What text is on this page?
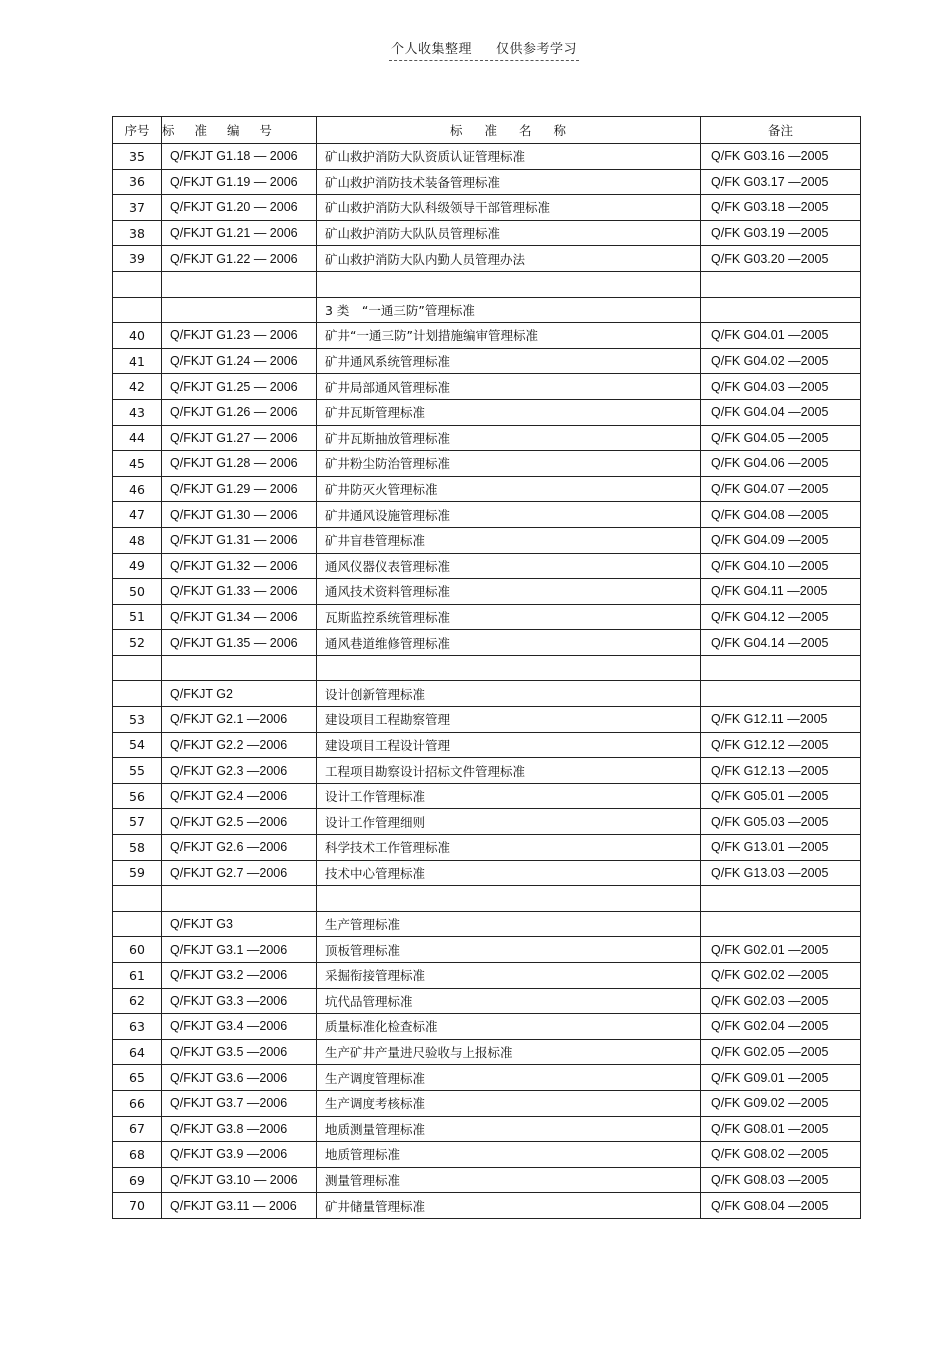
个人收集整理 仅供参考学习
序号	标 准 编 号	标 准 名 称	备注
35	Q/FKJT G1.18 — 2006	矿山救护消防大队资质认证管理标准	Q/FK G03.16 —2005
36	Q/FKJT G1.19 — 2006	矿山救护消防技术装备管理标准	Q/FK G03.17 —2005
37	Q/FKJT G1.20 — 2006	矿山救护消防大队科级领导干部管理标准	Q/FK G03.18 —2005
38	Q/FKJT G1.21 — 2006	矿山救护消防大队队员管理标准	Q/FK G03.19 —2005
39	Q/FKJT G1.22 — 2006	矿山救护消防大队内勤人员管理办法	Q/FK G03.20 —2005

		3 类　“一通三防”管理标准	
40	Q/FKJT G1.23 — 2006	矿井“一通三防”计划措施编审管理标准	Q/FK G04.01 —2005
41	Q/FKJT G1.24 — 2006	矿井通风系统管理标准	Q/FK G04.02 —2005
42	Q/FKJT G1.25 — 2006	矿井局部通风管理标准	Q/FK G04.03 —2005
43	Q/FKJT G1.26 — 2006	矿井瓦斯管理标准	Q/FK G04.04 —2005
44	Q/FKJT G1.27 — 2006	矿井瓦斯抽放管理标准	Q/FK G04.05 —2005
45	Q/FKJT G1.28 — 2006	矿井粉尘防治管理标准	Q/FK G04.06 —2005
46	Q/FKJT G1.29 — 2006	矿井防灭火管理标准	Q/FK G04.07 —2005
47	Q/FKJT G1.30 — 2006	矿井通风设施管理标准	Q/FK G04.08 —2005
48	Q/FKJT G1.31 — 2006	矿井盲巷管理标准	Q/FK G04.09 —2005
49	Q/FKJT G1.32 — 2006	通风仪器仪表管理标准	Q/FK G04.10 —2005
50	Q/FKJT G1.33 — 2006	通风技术资料管理标准	Q/FK G04.11 —2005
51	Q/FKJT G1.34 — 2006	瓦斯监控系统管理标准	Q/FK G04.12 —2005
52	Q/FKJT G1.35 — 2006	通风巷道维修管理标准	Q/FK G04.14 —2005

	Q/FKJT G2	设计创新管理标准	
53	Q/FKJT G2.1 —2006	建设项目工程勘察管理	Q/FK G12.11 —2005
54	Q/FKJT G2.2 —2006	建设项目工程设计管理	Q/FK G12.12 —2005
55	Q/FKJT G2.3 —2006	工程项目勘察设计招标文件管理标准	Q/FK G12.13 —2005
56	Q/FKJT G2.4 —2006	设计工作管理标准	Q/FK G05.01 —2005
57	Q/FKJT G2.5 —2006	设计工作管理细则	Q/FK G05.03 —2005
58	Q/FKJT G2.6 —2006	科学技术工作管理标准	Q/FK G13.01 —2005
59	Q/FKJT G2.7 —2006	技术中心管理标准	Q/FK G13.03 —2005

	Q/FKJT G3	生产管理标准	
60	Q/FKJT G3.1 —2006	顶板管理标准	Q/FK G02.01 —2005
61	Q/FKJT G3.2 —2006	采掘衔接管理标准	Q/FK G02.02 —2005
62	Q/FKJT G3.3 —2006	坑代品管理标准	Q/FK G02.03 —2005
63	Q/FKJT G3.4 —2006	质量标准化检查标准	Q/FK G02.04 —2005
64	Q/FKJT G3.5 —2006	生产矿井产量进尺验收与上报标准	Q/FK G02.05 —2005
65	Q/FKJT G3.6 —2006	生产调度管理标准	Q/FK G09.01 —2005
66	Q/FKJT G3.7 —2006	生产调度考核标准	Q/FK G09.02 —2005
67	Q/FKJT G3.8 —2006	地质测量管理标准	Q/FK G08.01 —2005
68	Q/FKJT G3.9 —2006	地质管理标准	Q/FK G08.02 —2005
69	Q/FKJT G3.10 — 2006	测量管理标准	Q/FK G08.03 —2005
70	Q/FKJT G3.11 — 2006	矿井储量管理标准	Q/FK G08.04 —2005
